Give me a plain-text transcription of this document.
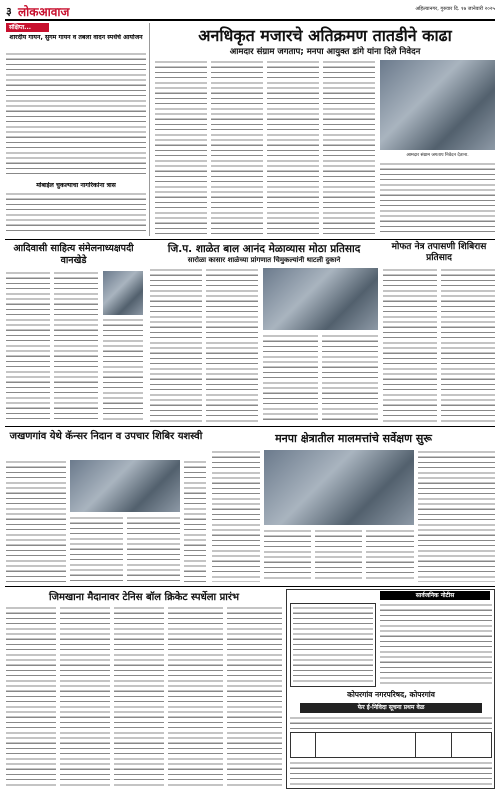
३ लोकआवाज	अहिल्यानगर, गुरुवार दि. १७ जानेवारी २०२५
संक्षिप्त...
शारदीय गायन, सुगम गायन व तबला वादन स्पर्धेचे आयोजन
मोबाईल चुकल्याचा नागरिकांना त्रास
अनधिकृत मजारचे अतिक्रमण तातडीने काढा
आमदार संग्राम जगताप; मनपा आयुक्त डांगे यांना दिले निवेदन
आमदार संग्राम जगताप निवेदन देताना.
आदिवासी साहित्य संमेलनाध्यक्षपदी वानखेडे
जि.प. शाळेत बाल आनंद मेळाव्यास मोठा प्रतिसाद
सारोळा कासार शाळेच्या प्रांगणात चिमुकल्यांनी थाटली दुकाने
मोफत नेत्र तपासणी शिबिरास प्रतिसाद
जखणगांव येथे कॅन्सर निदान व उपचार शिबिर यशस्वी	मनपा क्षेत्रातील मालमत्तांचे सर्वेक्षण सुरू
जिमखाना मैदानावर टेनिस बॉल क्रिकेट स्पर्धेला प्रारंभ	सार्वजनिक नोटीस
कोपरगांव नगरपरिषद, कोपरगांव
फेर ई-निविदा सूचना प्रथम वेळ
